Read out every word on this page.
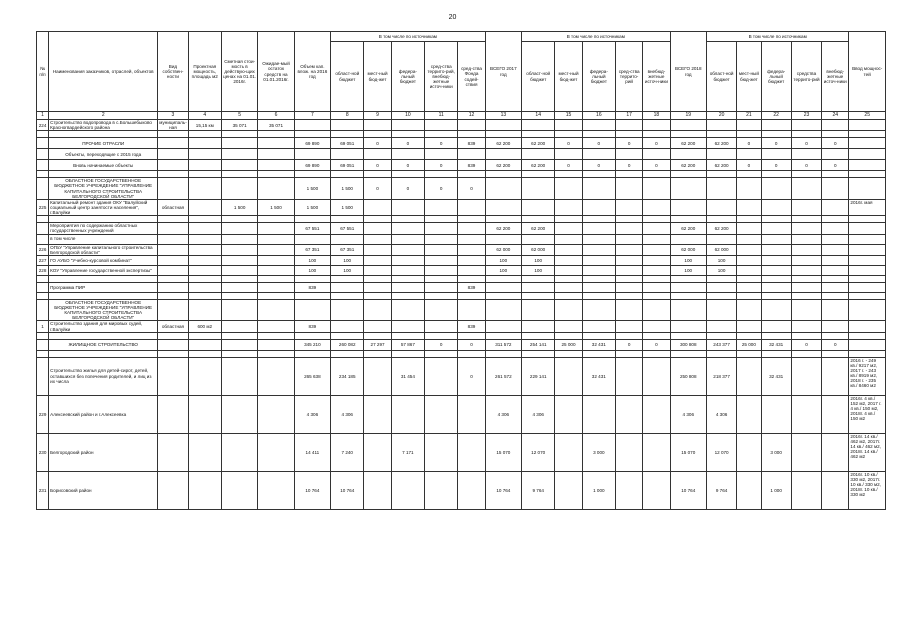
20
№ п/п	Наименования заказчиков, отраслей, объектов	Вид собствен-ности	Проектная мощность, площадь м2	Сметная стои-мость в действую-щих ценах на 01.01. 2016г.	Ожидае-мый остаток средств на 01.01.2016г.	Объем кап. влож. на 2016 год	В том числе по источникам					ВСЕГО 2017 год	В том числе по источникам					ВСЕГО 2018 год	В том числе по источникам					Ввод мощнос-тей
							област-ной бюджет	мест-ный бюд-жет	федера-льный бюджет	сред-ства террито-рий, внебюд-жетные источ-ники	сред-ства Фонда содей-ствия		област-ной бюджет	мест-ный бюд-жет	федера-льный бюджет	сред-ства террито-рий	внебюд-жетные источ-ники		област-ной бюджет	мест-ный бюд-жет	федера-льный бюджет	средства террито-рий	внебюд-жетные источ-ники	
1	2	3	4	5	6	7	8	9	10	11	12	13	14	15	16	17	18	19	20	21	22	23	24	25
224	Строительство водопровода в с.Большебыково Красногвардейского района	муниципаль-ная	15,15 км	35 071	35 071																			

	ПРОЧИЕ ОТРАСЛИ					69 890	69 051	0	0	0	839	62 200	62 200	0	0	0	0	62 200	62 200	0	0	0	0	
	Объекты, переходящие с 2015 года																							
	Вновь начинаемые объекты					69 890	69 051	0	0	0	839	62 200	62 200	0	0	0	0	62 200	62 200	0	0	0	0	

	ОБЛАСТНОЕ ГОСУДАРСТВЕННОЕ БЮДЖЕТНОЕ УЧРЕЖДЕНИЕ "УПРАВЛЕНИЕ КАПИТАЛЬНОГО СТРОИТЕЛЬСТВА БЕЛГОРОДСКОЙ ОБЛАСТИ"					1 500	1 500	0	0	0	0													
225	Капитальный ремонт здания ОКУ "Валуйский социальный центр занятости населения", г.Валуйки	областная		1 500	1 500	1 500	1 500																	2016г. мая

	Мероприятия по содержанию областных государственных учреждений					67 551	67 551					62 200	62 200					62 200	62 200					
	в том числе																							
226	ОГБУ "Управление капитального строительства Белгородской области"					67 351	67 351					62 000	62 000					62 000	62 000					
227	ГО АУБО "Учебно-курсовой комбинат"					100	100					100	100					100	100					
228	КОУ "Управление государственной экспертизы"					100	100					100	100					100	100					

	Программа ПИР					839					839													

	ОБЛАСТНОЕ ГОСУДАРСТВЕННОЕ БЮДЖЕТНОЕ УЧРЕЖДЕНИЕ "УПРАВЛЕНИЕ КАПИТАЛЬНОГО СТРОИТЕЛЬСТВА БЕЛГОРОДСКОЙ ОБЛАСТИ"																							
1	Строительство здания для мировых судей, г.Валуйки	областная	600 м2			839					839													

	ЖИЛИЩНОЕ СТРОИТЕЛЬСТВО					345 210	260 082	27 297	57 867	0	0	311 572	254 141	25 000	32 431	0	0	300 808	243 377	25 000	32 431	0	0	

	Строительство жилья для детей-сирот, детей, оставшихся без попечения родителей, и лиц из их числа					265 638	234 185		31 454		0	261 572	229 141		32 431			250 808	218 377		32 431			2016 г. - 249 кв./ 9217 м2, 2017 г. - 243 кв./ 8919 м2, 2018 г. - 235 кв./ 8460 м2
229	Алексеевский район и г.Алексеевка					4 306	4 306					4 306	4 306					4 306	4 306					2016г. 4 кв./ 152 м2, 2017 г. 4 кв./ 150 м2, 2018г. 4 кв./ 150 м2
230	Белгородский район					14 411	7 240		7 171			15 070	12 070		3 000			15 070	12 070		3 000			2016г. 14 кв./ 462 м2, 2017г. 14 кв./ 462 м2, 2018г. 14 кв./ 462 м2
231	Борисовский район					10 764	10 764					10 764	9 764		1 000			10 764	9 764		1 000			2016г. 10 кв./ 330 м2, 2017г. 10 кв./ 330 м2, 2018г. 10 кв./ 330 м2
